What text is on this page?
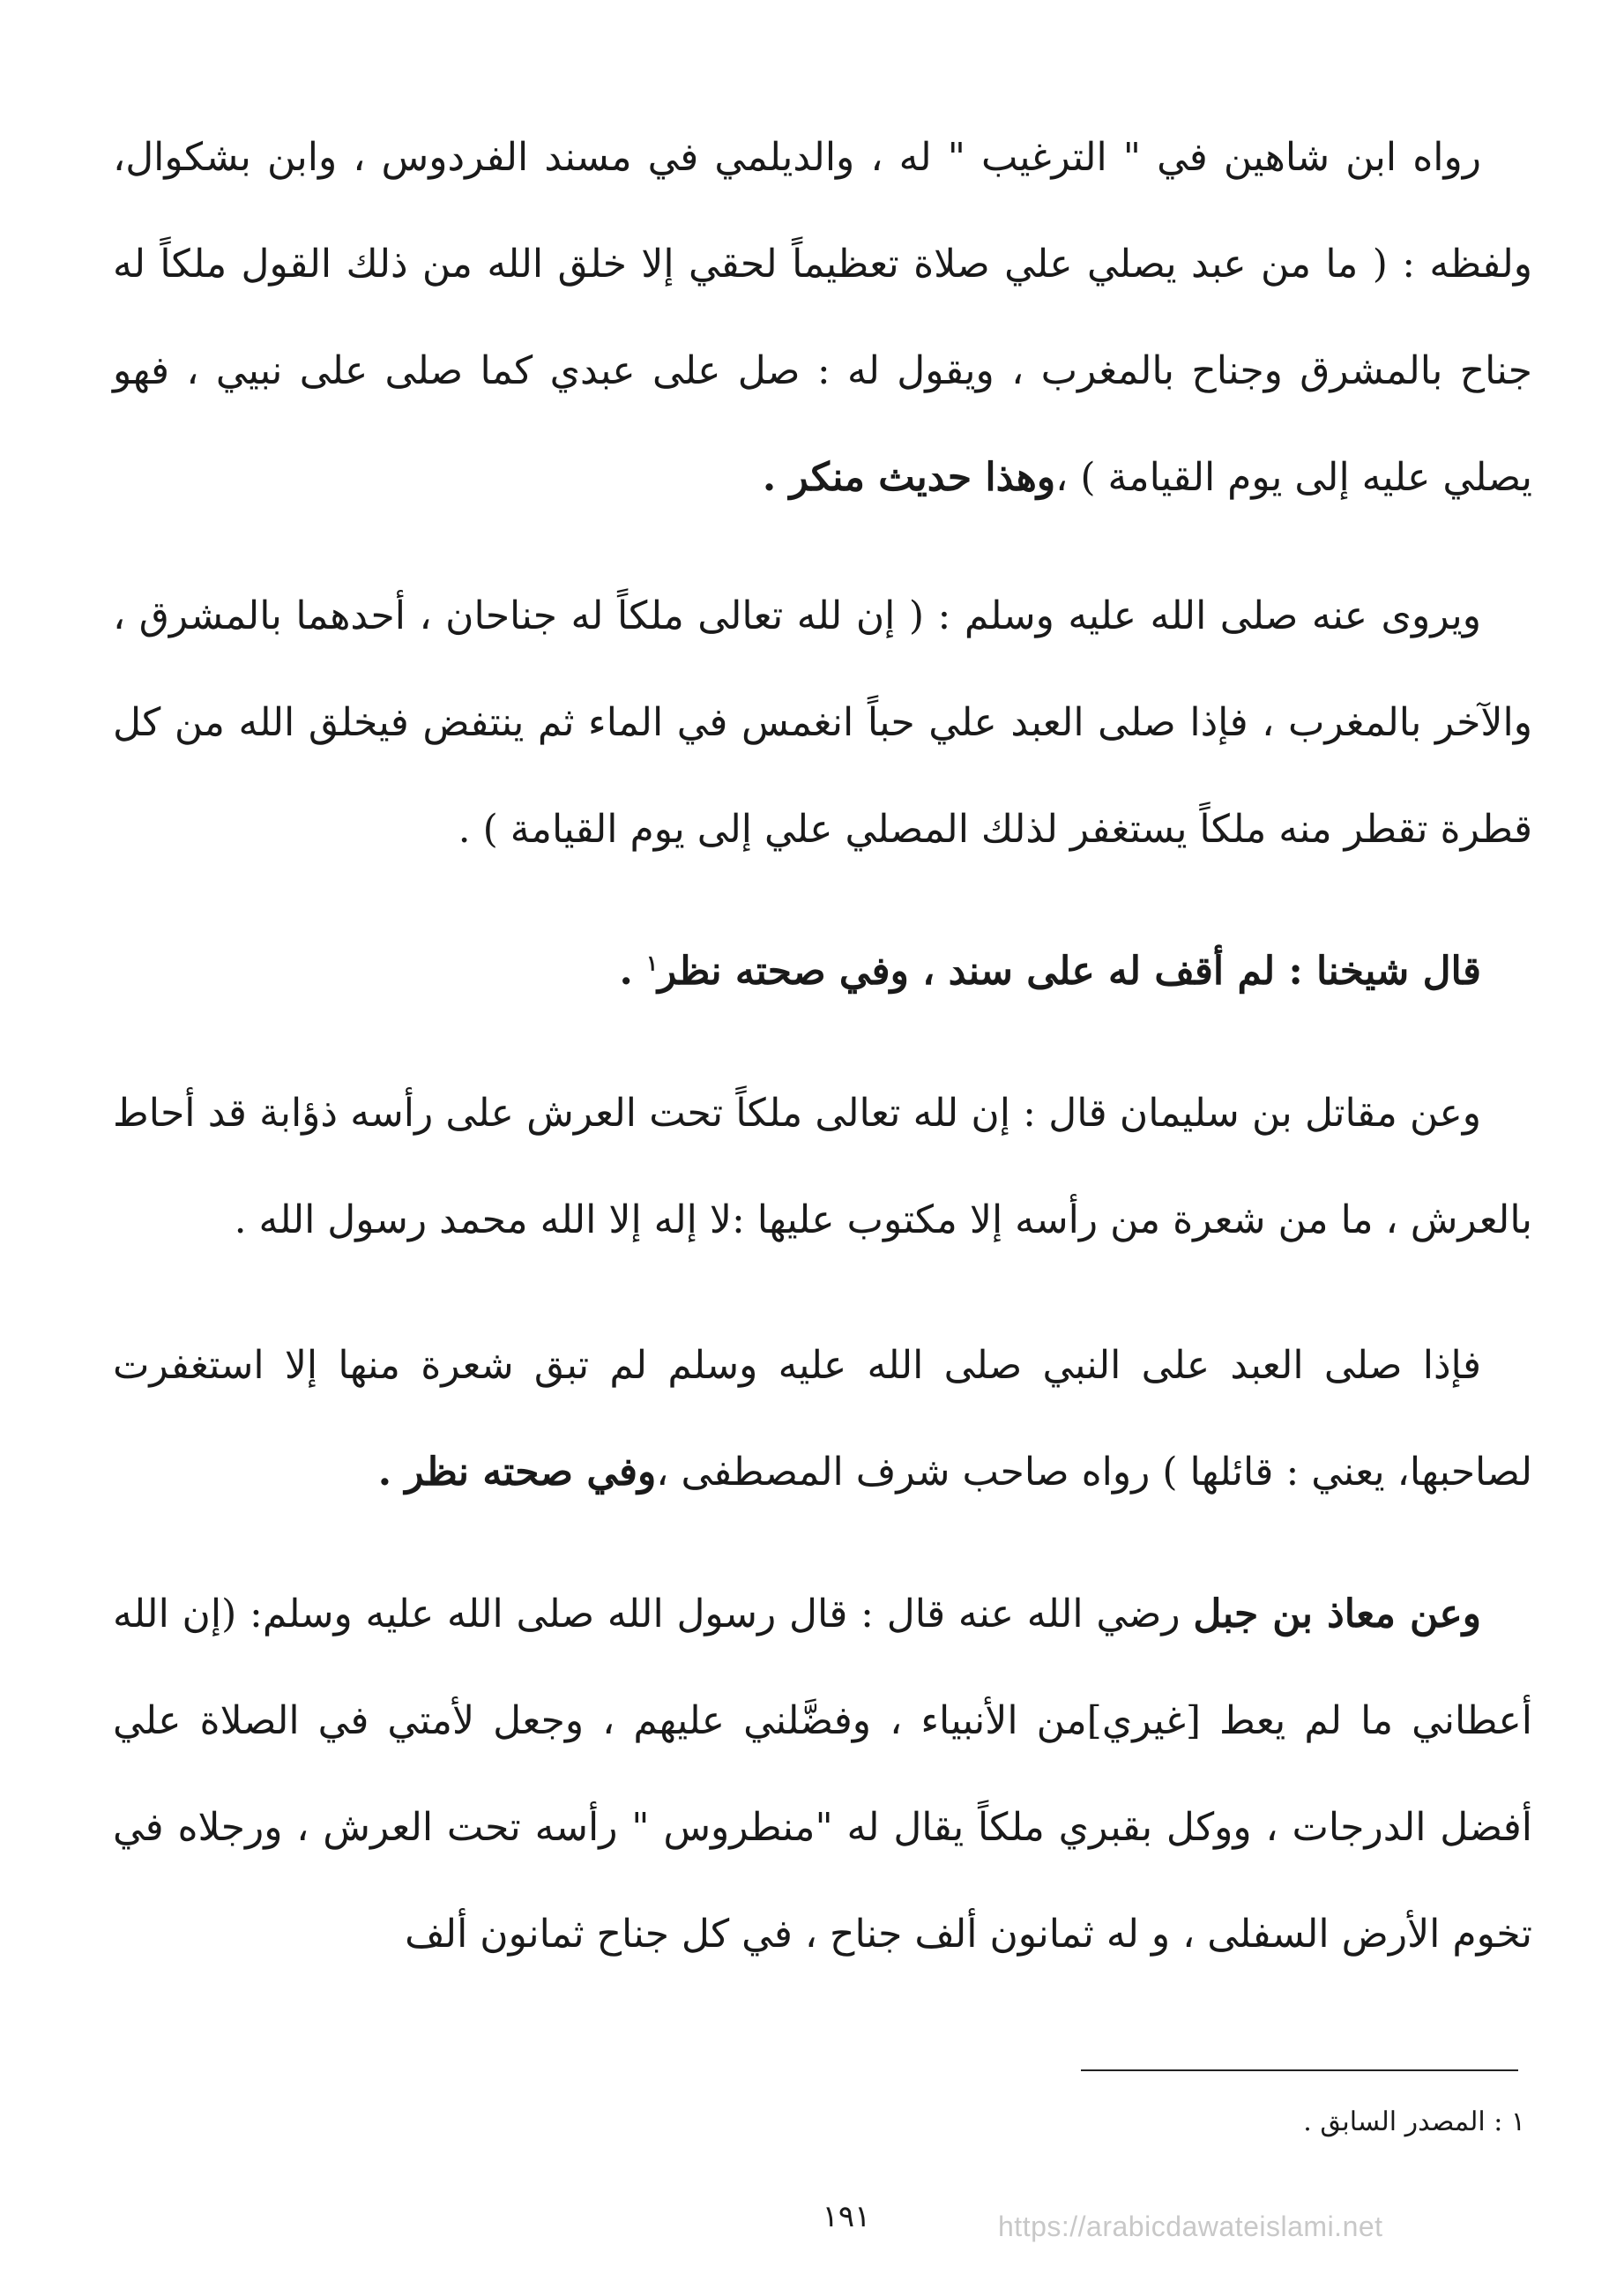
رواه ابن شاهين في " الترغيب " له ، والديلمي في مسند الفردوس ، وابن بشكوال، ولفظه : ( ما من عبد يصلي علي صلاة تعظيماً لحقي إلا خلق الله من ذلك القول ملكاً له جناح بالمشرق وجناح بالمغرب ، ويقول له : صل على عبدي كما صلى على نبيي ، فهو يصلي عليه إلى يوم القيامة ) ،وهذا حديث منكر .

ويروى عنه صلى الله عليه وسلم : ( إن لله تعالى ملكاً له جناحان ، أحدهما بالمشرق ، والآخر بالمغرب ، فإذا صلى العبد علي حباً انغمس في الماء ثم ينتفض فيخلق الله من كل قطرة تقطر منه ملكاً يستغفر لذلك المصلي علي إلى يوم القيامة ) .

قال شيخنا : لم أقف له على سند ، وفي صحته نظر$^١$ .

وعن مقاتل بن سليمان قال : إن لله تعالى ملكاً تحت العرش على رأسه ذؤابة قد أحاط بالعرش ، ما من شعرة من رأسه إلا مكتوب عليها :لا إله إلا الله محمد رسول الله .

فإذا صلى العبد على النبي صلى الله عليه وسلم لم تبق شعرة منها إلا استغفرت لصاحبها، يعني : قائلها ) رواه صاحب شرف المصطفى ،وفي صحته نظر .

وعن معاذ بن جبل رضي الله عنه قال : قال رسول الله صلى الله عليه وسلم: (إن الله أعطاني ما لم يعط [غيري]من الأنبياء ، وفضَّلني عليهم ، وجعل لأمتي في الصلاة علي أفضل الدرجات ، ووكل بقبري ملكاً يقال له "منطروس " رأسه تحت العرش ، ورجلاه في تخوم الأرض السفلى ، و له ثمانون ألف جناح ، في كل جناح ثمانون ألف

١ : المصدر السابق .
١٩١	https://arabicdawateislami.net
